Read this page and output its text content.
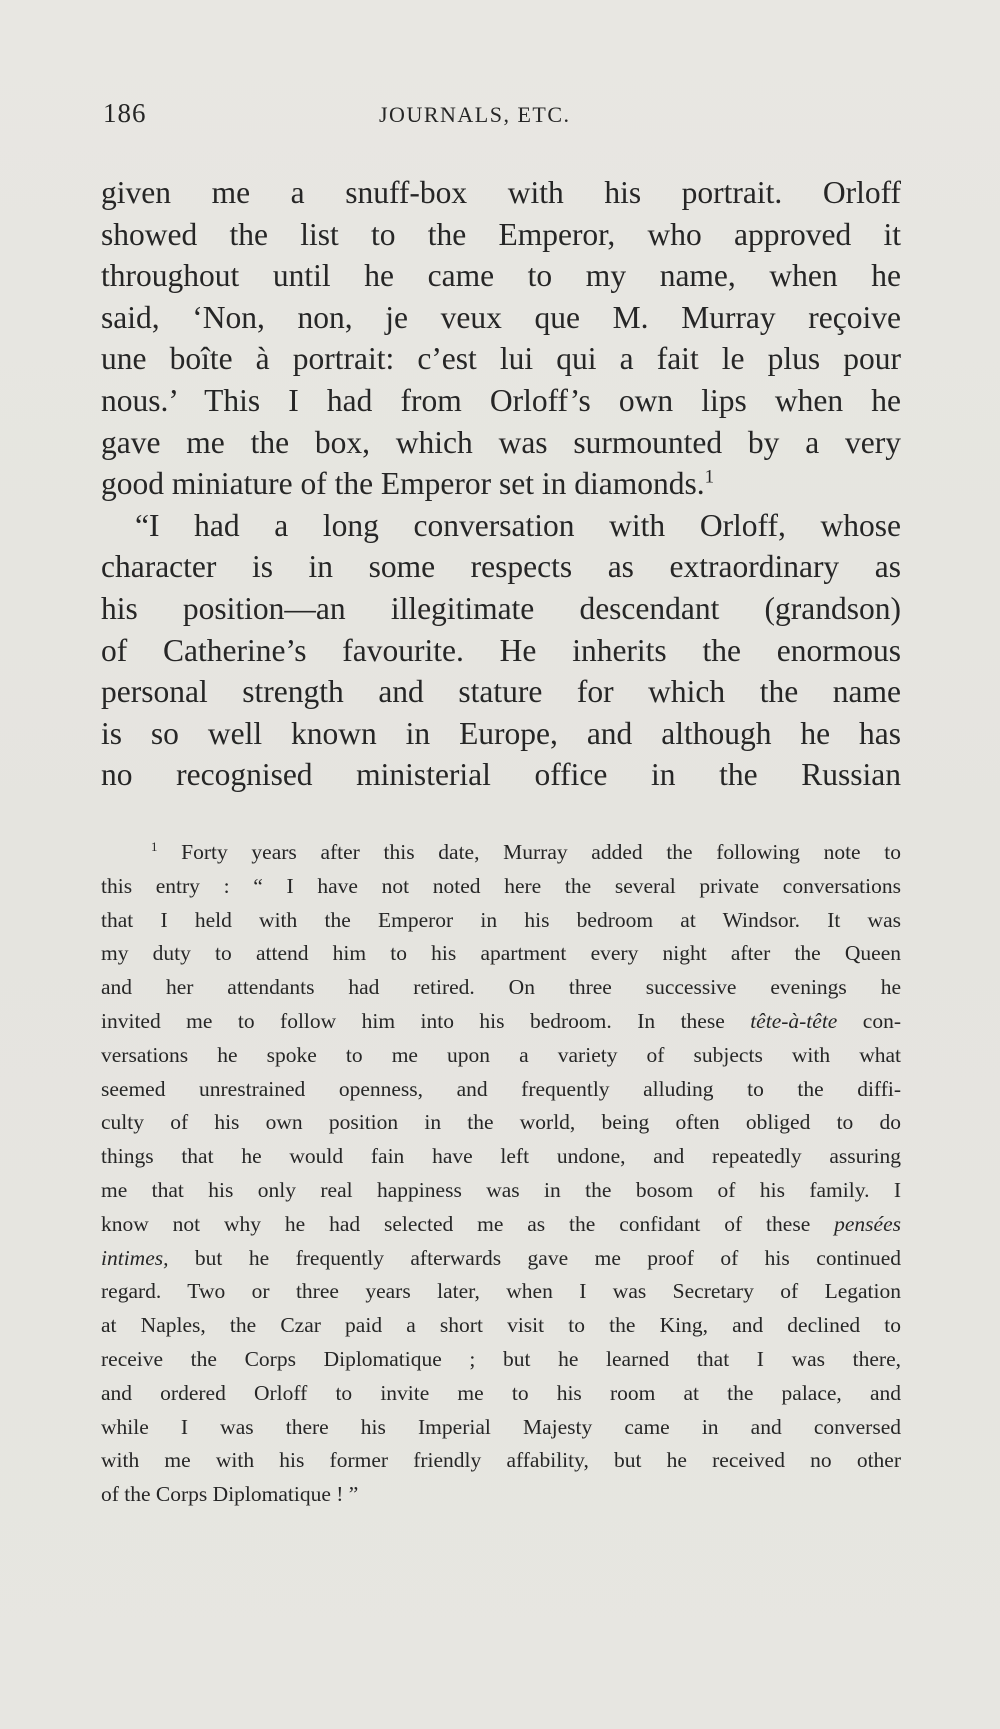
186	JOURNALS, ETC.
given me a snuff-box with his portrait. Orloff
showed the list to the Emperor, who approved it
throughout until he came to my name, when he
said, ‘Non, non, je veux que M. Murray reçoive
une boîte à portrait: c’est lui qui a fait le plus pour
nous.’ This I had from Orloff’s own lips when he
gave me the box, which was surmounted by a very
good miniature of the Emperor set in diamonds.$^1$
“I had a long conversation with Orloff, whose
character is in some respects as extraordinary as
his position—an illegitimate descendant (grandson)
of Catherine’s favourite. He inherits the enormous
personal strength and stature for which the name
is so well known in Europe, and although he has
no recognised ministerial office in the Russian
$^1$ Forty years after this date, Murray added the following note to
this entry : “ I have not noted here the several private conversations
that I held with the Emperor in his bedroom at Windsor. It was
my duty to attend him to his apartment every night after the Queen
and her attendants had retired. On three successive evenings he
invited me to follow him into his bedroom. In these tête-à-tête con-
versations he spoke to me upon a variety of subjects with what
seemed unrestrained openness, and frequently alluding to the diffi-
culty of his own position in the world, being often obliged to do
things that he would fain have left undone, and repeatedly assuring
me that his only real happiness was in the bosom of his family. I
know not why he had selected me as the confidant of these pensées
intimes, but he frequently afterwards gave me proof of his continued
regard. Two or three years later, when I was Secretary of Legation
at Naples, the Czar paid a short visit to the King, and declined to
receive the Corps Diplomatique ; but he learned that I was there,
and ordered Orloff to invite me to his room at the palace, and
while I was there his Imperial Majesty came in and conversed
with me with his former friendly affability, but he received no other
of the Corps Diplomatique ! ”
